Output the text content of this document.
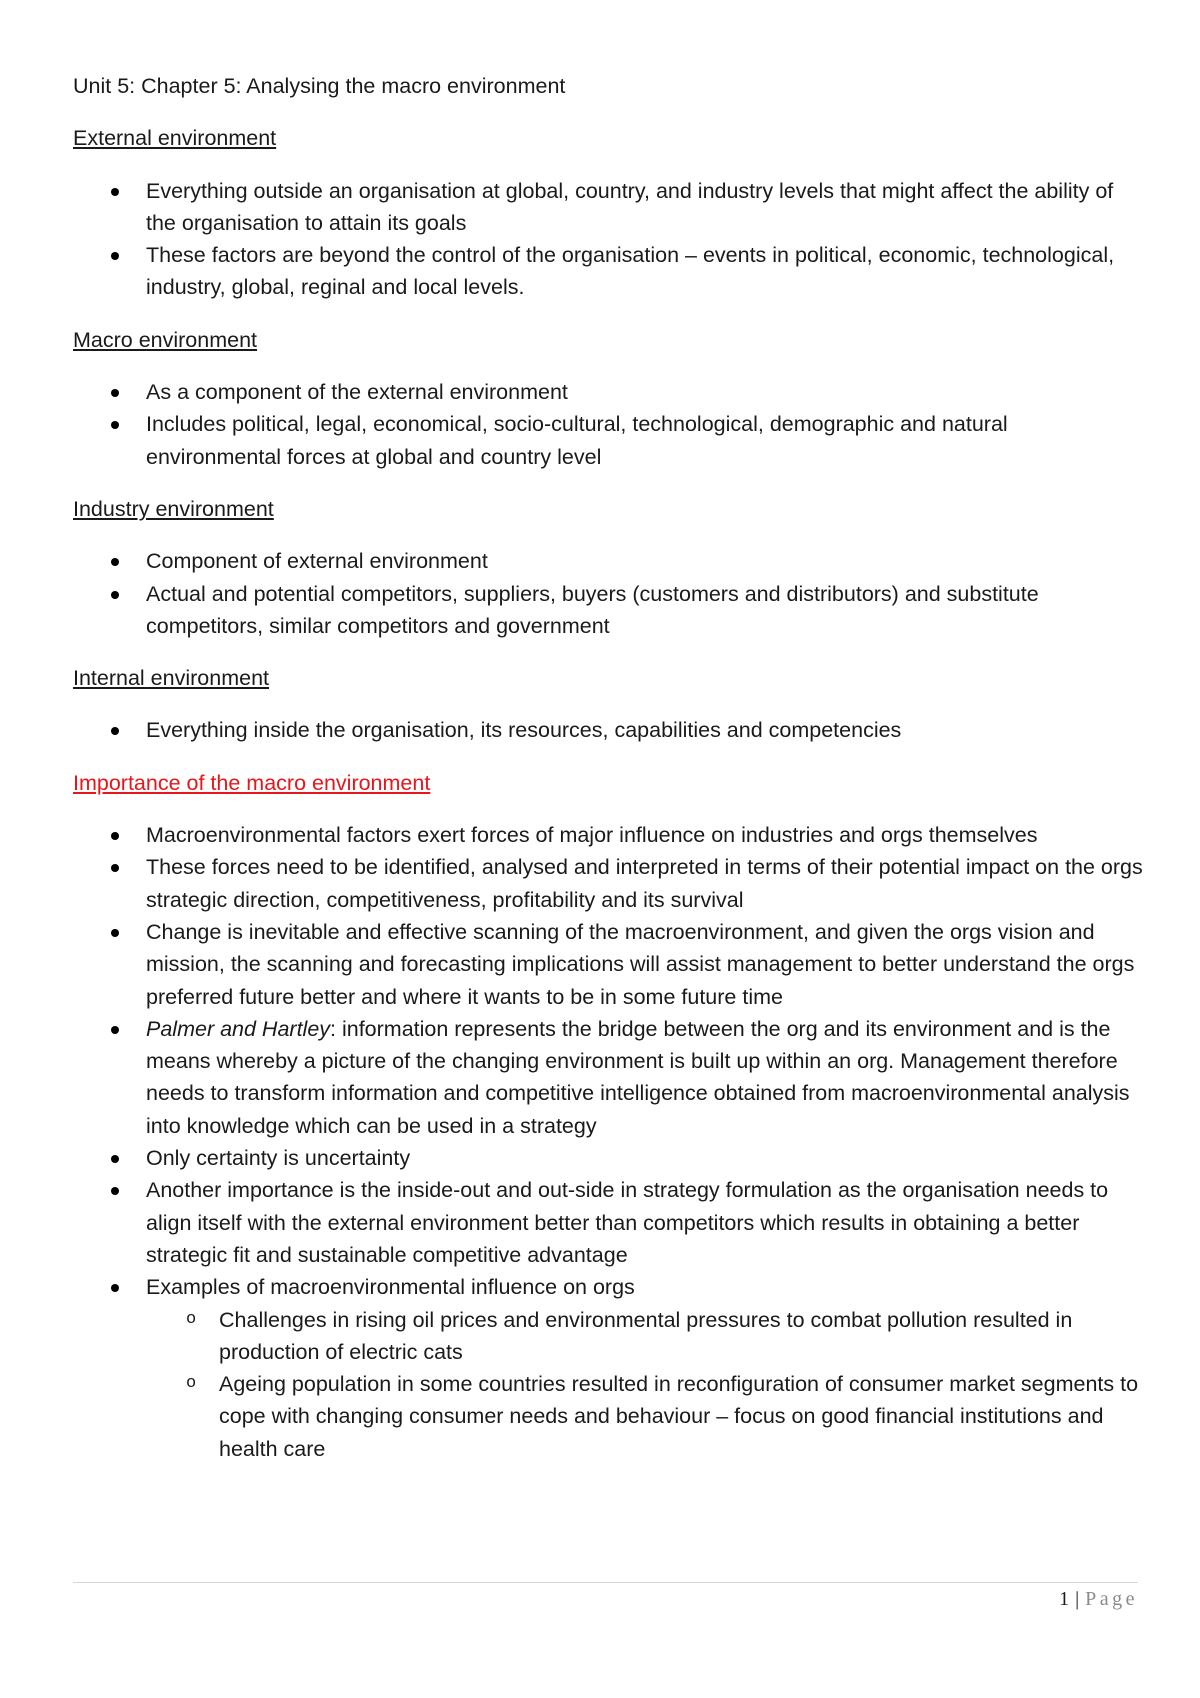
Unit 5: Chapter 5: Analysing the macro environment
External environment
Everything outside an organisation at global, country, and industry levels that might affect the ability of the organisation to attain its goals
These factors are beyond the control of the organisation – events in political, economic, technological, industry, global, reginal and local levels.
Macro environment
As a component of the external environment
Includes political, legal, economical, socio-cultural, technological, demographic and natural environmental forces at global and country level
Industry environment
Component of external environment
Actual and potential competitors, suppliers, buyers (customers and distributors) and substitute competitors, similar competitors and government
Internal environment
Everything inside the organisation, its resources, capabilities and competencies
Importance of the macro environment
Macroenvironmental factors exert forces of major influence on industries and orgs themselves
These forces need to be identified, analysed and interpreted in terms of their potential impact on the orgs strategic direction, competitiveness, profitability and its survival
Change is inevitable and effective scanning of the macroenvironment, and given the orgs vision and mission, the scanning and forecasting implications will assist management to better understand the orgs preferred future better and where it wants to be in some future time
Palmer and Hartley: information represents the bridge between the org and its environment and is the means whereby a picture of the changing environment is built up within an org. Management therefore needs to transform information and competitive intelligence obtained from macroenvironmental analysis into knowledge which can be used in a strategy
Only certainty is uncertainty
Another importance is the inside-out and out-side in strategy formulation as the organisation needs to align itself with the external environment better than competitors which results in obtaining a better strategic fit and sustainable competitive advantage
Examples of macroenvironmental influence on orgs
o Challenges in rising oil prices and environmental pressures to combat pollution resulted in production of electric cats
o Ageing population in some countries resulted in reconfiguration of consumer market segments to cope with changing consumer needs and behaviour – focus on good financial institutions and health care
1 | Page
